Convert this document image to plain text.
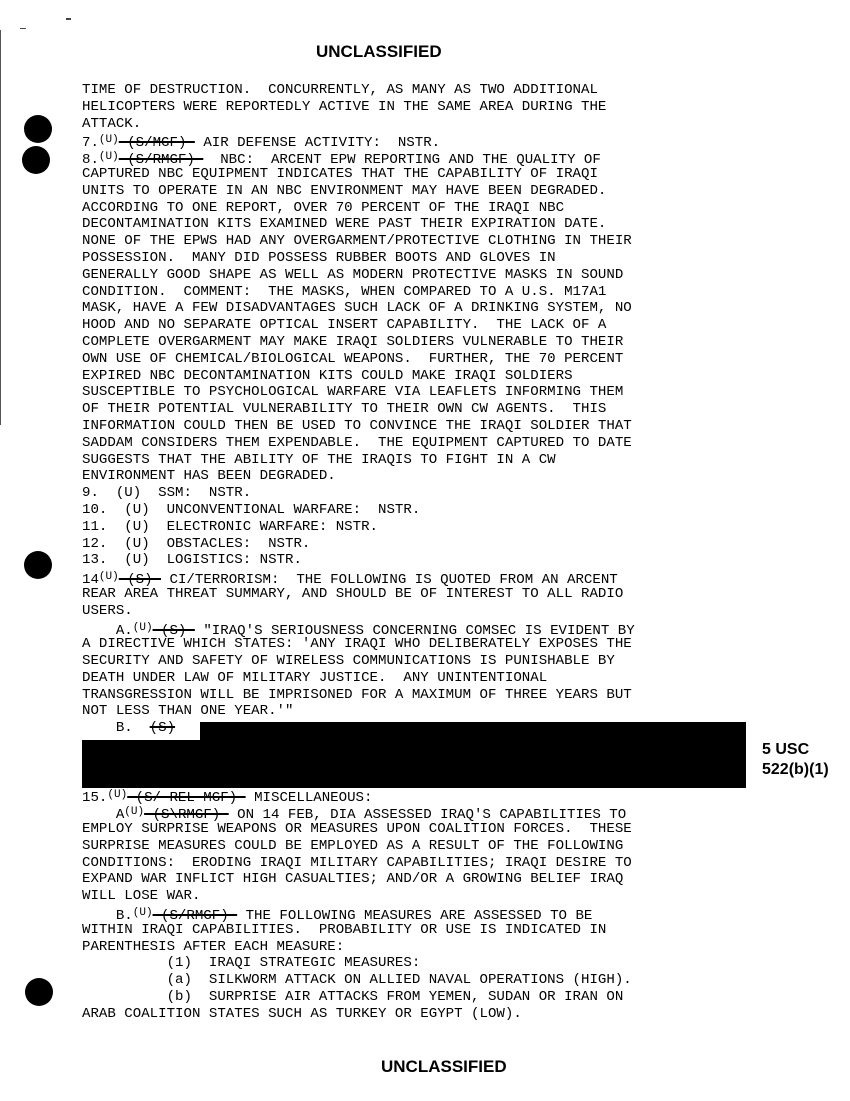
UNCLASSIFIED
TIME OF DESTRUCTION.  CONCURRENTLY, AS MANY AS TWO ADDITIONAL
HELICOPTERS WERE REPORTEDLY ACTIVE IN THE SAME AREA DURING THE
ATTACK.
7.$^{(U)}$ (S/MGF)  AIR DEFENSE ACTIVITY:  NSTR.
8.$^{(U)}$ (S/RMGF)   NBC:  ARCENT EPW REPORTING AND THE QUALITY OF
CAPTURED NBC EQUIPMENT INDICATES THAT THE CAPABILITY OF IRAQI
UNITS TO OPERATE IN AN NBC ENVIRONMENT MAY HAVE BEEN DEGRADED.
ACCORDING TO ONE REPORT, OVER 70 PERCENT OF THE IRAQI NBC
DECONTAMINATION KITS EXAMINED WERE PAST THEIR EXPIRATION DATE.
NONE OF THE EPWS HAD ANY OVERGARMENT/PROTECTIVE CLOTHING IN THEIR
POSSESSION.  MANY DID POSSESS RUBBER BOOTS AND GLOVES IN
GENERALLY GOOD SHAPE AS WELL AS MODERN PROTECTIVE MASKS IN SOUND
CONDITION.  COMMENT:  THE MASKS, WHEN COMPARED TO A U.S. M17A1
MASK, HAVE A FEW DISADVANTAGES SUCH LACK OF A DRINKING SYSTEM, NO
HOOD AND NO SEPARATE OPTICAL INSERT CAPABILITY.  THE LACK OF A
COMPLETE OVERGARMENT MAY MAKE IRAQI SOLDIERS VULNERABLE TO THEIR
OWN USE OF CHEMICAL/BIOLOGICAL WEAPONS.  FURTHER, THE 70 PERCENT
EXPIRED NBC DECONTAMINATION KITS COULD MAKE IRAQI SOLDIERS
SUSCEPTIBLE TO PSYCHOLOGICAL WARFARE VIA LEAFLETS INFORMING THEM
OF THEIR POTENTIAL VULNERABILITY TO THEIR OWN CW AGENTS.  THIS
INFORMATION COULD THEN BE USED TO CONVINCE THE IRAQI SOLDIER THAT
SADDAM CONSIDERS THEM EXPENDABLE.  THE EQUIPMENT CAPTURED TO DATE
SUGGESTS THAT THE ABILITY OF THE IRAQIS TO FIGHT IN A CW
ENVIRONMENT HAS BEEN DEGRADED.
9.  (U)  SSM:  NSTR.
10.  (U)  UNCONVENTIONAL WARFARE:  NSTR.
11.  (U)  ELECTRONIC WARFARE: NSTR.
12.  (U)  OBSTACLES:  NSTR.
13.  (U)  LOGISTICS: NSTR.
$14^{(U)}$ (S)  CI/TERRORISM:  THE FOLLOWING IS QUOTED FROM AN ARCENT
REAR AREA THREAT SUMMARY, AND SHOULD BE OF INTEREST TO ALL RADIO
USERS.
A.$^{(U)}$ (S)  "IRAQ'S SERIOUSNESS CONCERNING COMSEC IS EVIDENT BY
A DIRECTIVE WHICH STATES: 'ANY IRAQI WHO DELIBERATELY EXPOSES THE
SECURITY AND SAFETY OF WIRELESS COMMUNICATIONS IS PUNISHABLE BY
DEATH UNDER LAW OF MILITARY JUSTICE.  ANY UNINTENTIONAL
TRANSGRESSION WILL BE IMPRISONED FOR A MAXIMUM OF THREE YEARS BUT
NOT LESS THAN ONE YEAR.'"
B.  (S)
15.$^{(U)}$ (S/ REL MGF)  MISCELLANEOUS:
$A^{(U)}$ (S\RMGF)  ON 14 FEB, DIA ASSESSED IRAQ'S CAPABILITIES TO
EMPLOY SURPRISE WEAPONS OR MEASURES UPON COALITION FORCES.  THESE
SURPRISE MEASURES COULD BE EMPLOYED AS A RESULT OF THE FOLLOWING
CONDITIONS:  ERODING IRAQI MILITARY CAPABILITIES; IRAQI DESIRE TO
EXPAND WAR INFLICT HIGH CASUALTIES; AND/OR A GROWING BELIEF IRAQ
WILL LOSE WAR.
B.$^{(U)}$ (S/RMGF)  THE FOLLOWING MEASURES ARE ASSESSED TO BE
WITHIN IRAQI CAPABILITIES.  PROBABILITY OR USE IS INDICATED IN
PARENTHESIS AFTER EACH MEASURE:
(1)  IRAQI STRATEGIC MEASURES:
(a)  SILKWORM ATTACK ON ALLIED NAVAL OPERATIONS (HIGH).
(b)  SURPRISE AIR ATTACKS FROM YEMEN, SUDAN OR IRAN ON
ARAB COALITION STATES SUCH AS TURKEY OR EGYPT (LOW).
5 USC
522(b)(1)
UNCLASSIFIED
